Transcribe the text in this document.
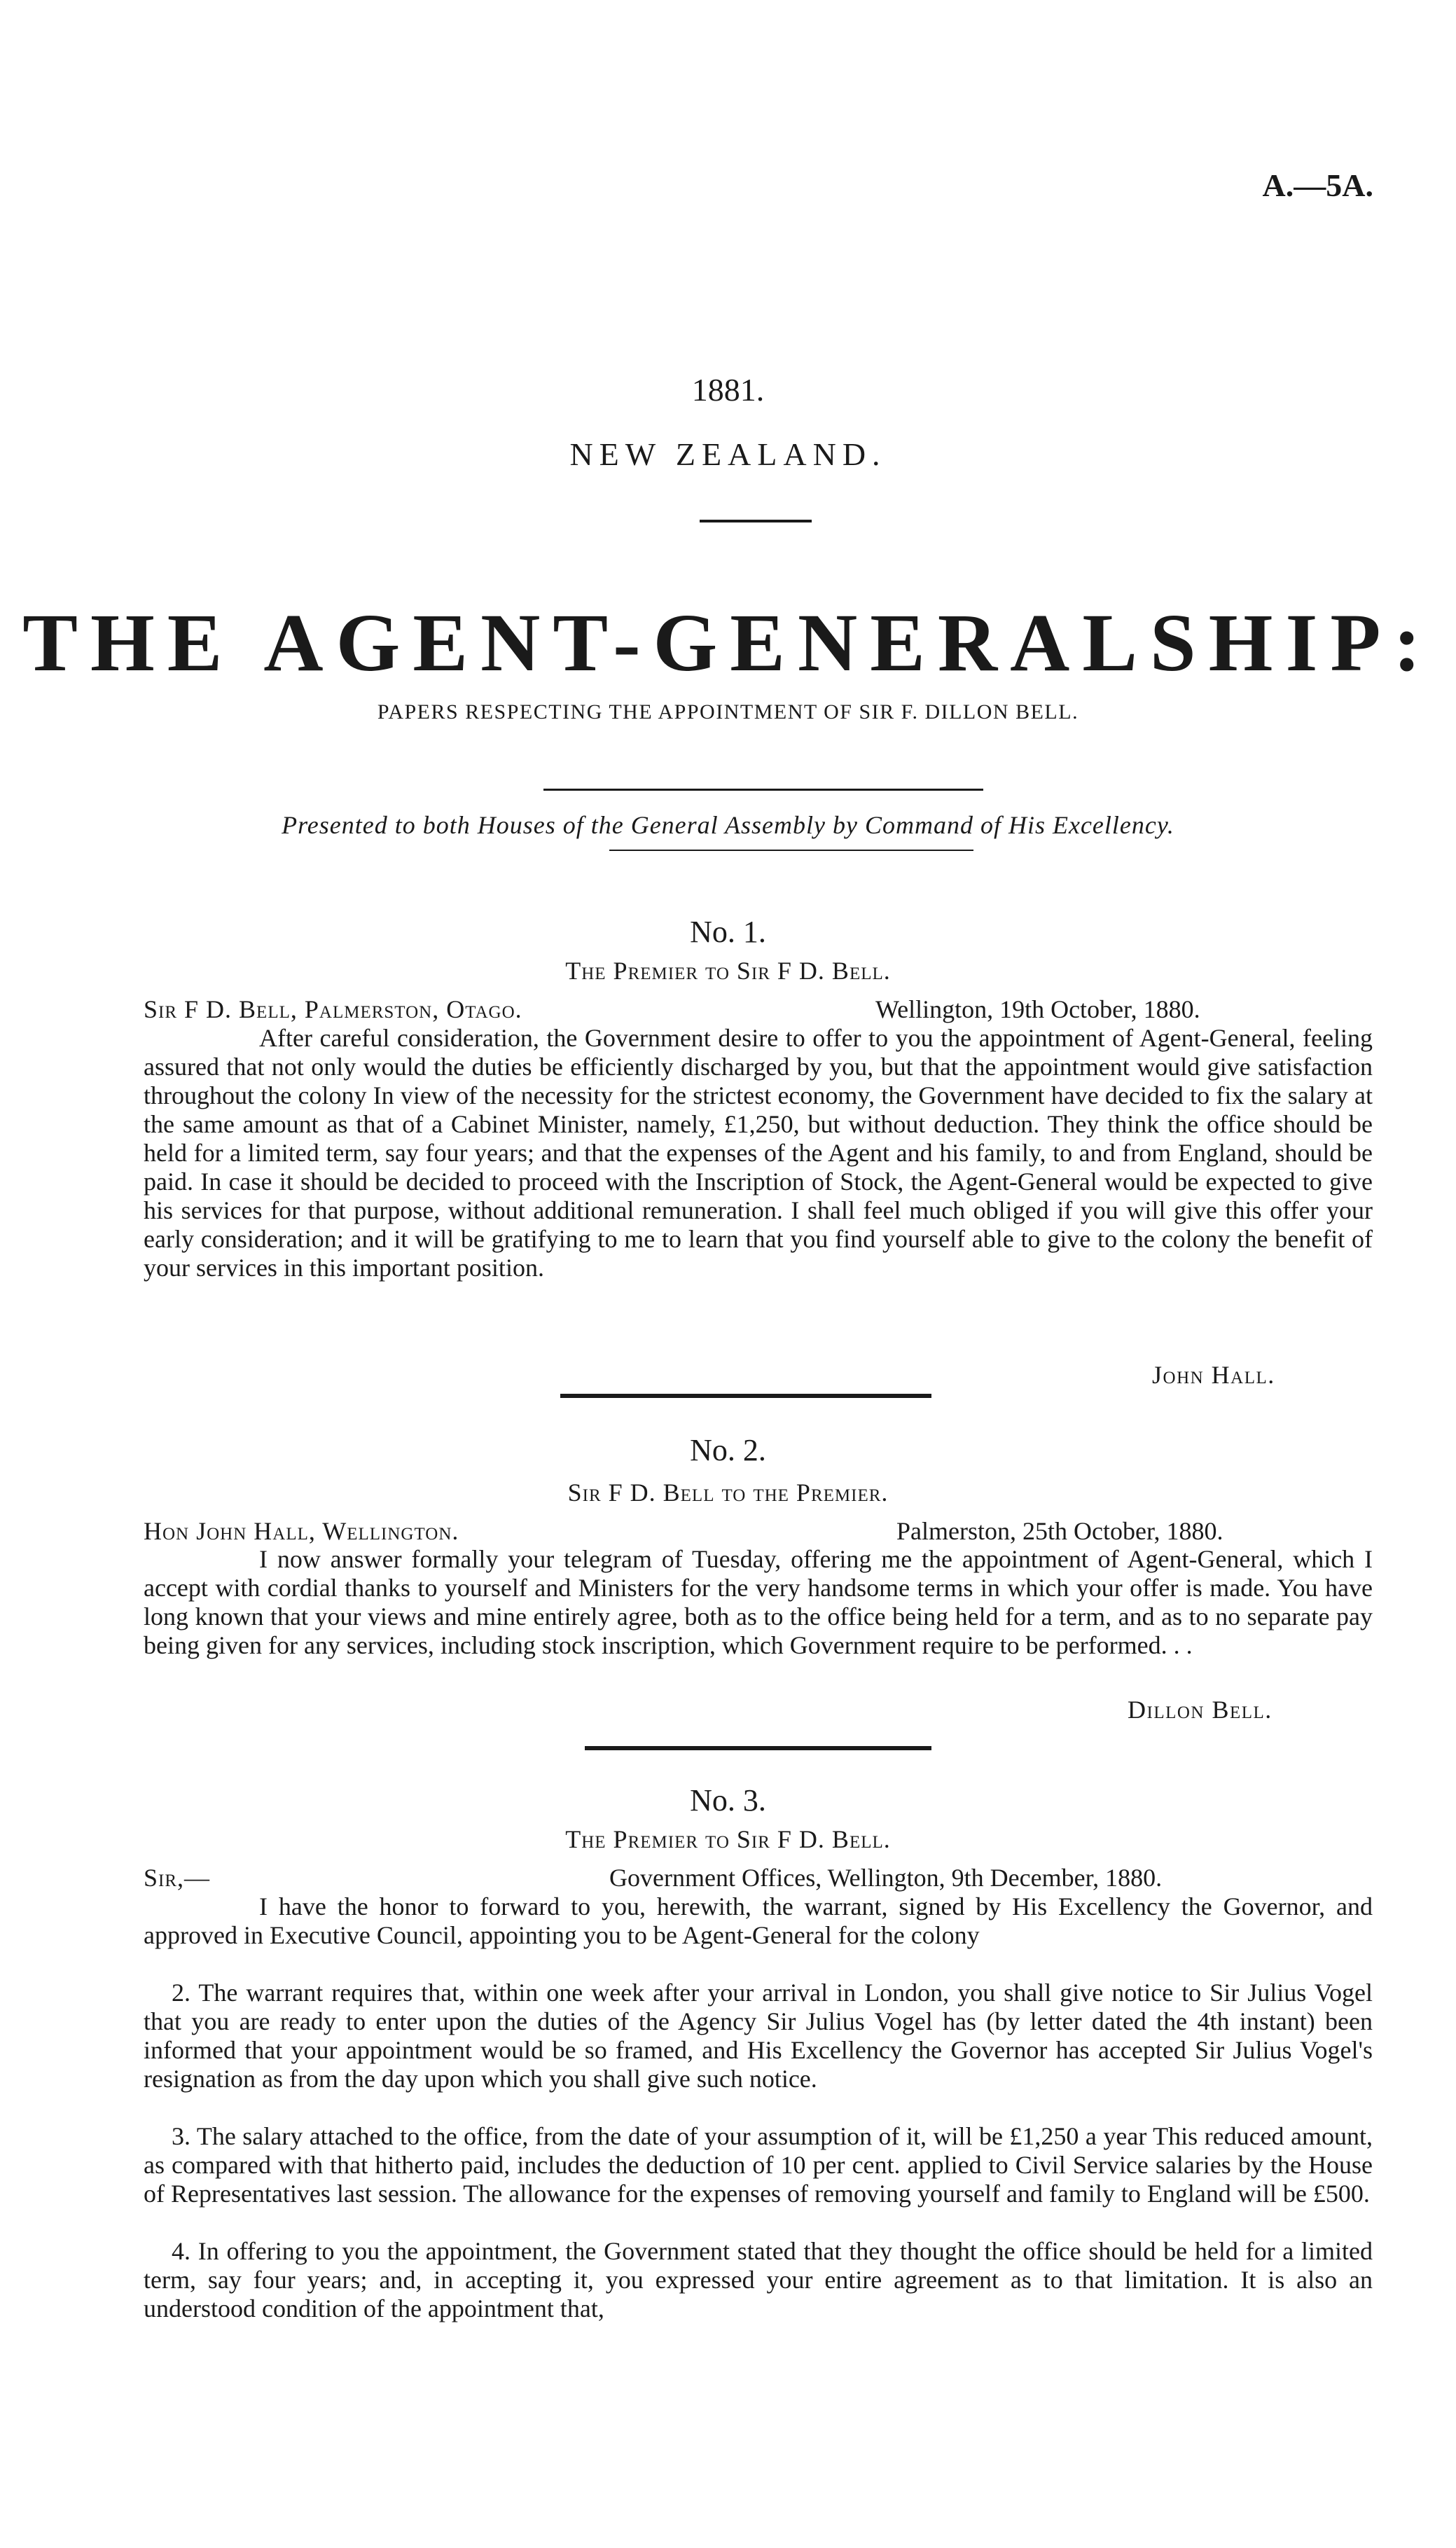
A.—5A.
1881.
NEW ZEALAND.
THE AGENT-GENERALSHIP:
PAPERS RESPECTING THE APPOINTMENT OF SIR F. DILLON BELL.
Presented to both Houses of the General Assembly by Command of His Excellency.
No. 1.
The Premier to Sir F D. Bell.
Sir F D. Bell, Palmerston, Otago.	Wellington, 19th October, 1880.
After careful consideration, the Government desire to offer to you the appointment of Agent-General, feeling assured that not only would the duties be efficiently discharged by you, but that the appointment would give satisfaction throughout the colony In view of the necessity for the strictest economy, the Government have decided to fix the salary at the same amount as that of a Cabinet Minister, namely, £1,250, but without deduction. They think the office should be held for a limited term, say four years; and that the expenses of the Agent and his family, to and from England, should be paid. In case it should be decided to proceed with the Inscription of Stock, the Agent-General would be expected to give his services for that purpose, without additional remuneration. I shall feel much obliged if you will give this offer your early consideration; and it will be gratifying to me to learn that you find yourself able to give to the colony the benefit of your services in this important position.
John Hall.
No. 2.
Sir F D. Bell to the Premier.
Hon John Hall, Wellington.	Palmerston, 25th October, 1880.
I now answer formally your telegram of Tuesday, offering me the appointment of Agent-General, which I accept with cordial thanks to yourself and Ministers for the very handsome terms in which your offer is made. You have long known that your views and mine entirely agree, both as to the office being held for a term, and as to no separate pay being given for any services, including stock inscription, which Government require to be performed. . .
Dillon Bell.
No. 3.
The Premier to Sir F D. Bell.
Sir,—	Government Offices, Wellington, 9th December, 1880.
I have the honor to forward to you, herewith, the warrant, signed by His Excellency the Governor, and approved in Executive Council, appointing you to be Agent-General for the colony
2. The warrant requires that, within one week after your arrival in London, you shall give notice to Sir Julius Vogel that you are ready to enter upon the duties of the Agency Sir Julius Vogel has (by letter dated the 4th instant) been informed that your appointment would be so framed, and His Excellency the Governor has accepted Sir Julius Vogel's resignation as from the day upon which you shall give such notice.
3. The salary attached to the office, from the date of your assumption of it, will be £1,250 a year This reduced amount, as compared with that hitherto paid, includes the deduction of 10 per cent. applied to Civil Service salaries by the House of Representatives last session. The allowance for the expenses of removing yourself and family to England will be £500.
4. In offering to you the appointment, the Government stated that they thought the office should be held for a limited term, say four years; and, in accepting it, you expressed your entire agreement as to that limitation. It is also an understood condition of the appointment that,
